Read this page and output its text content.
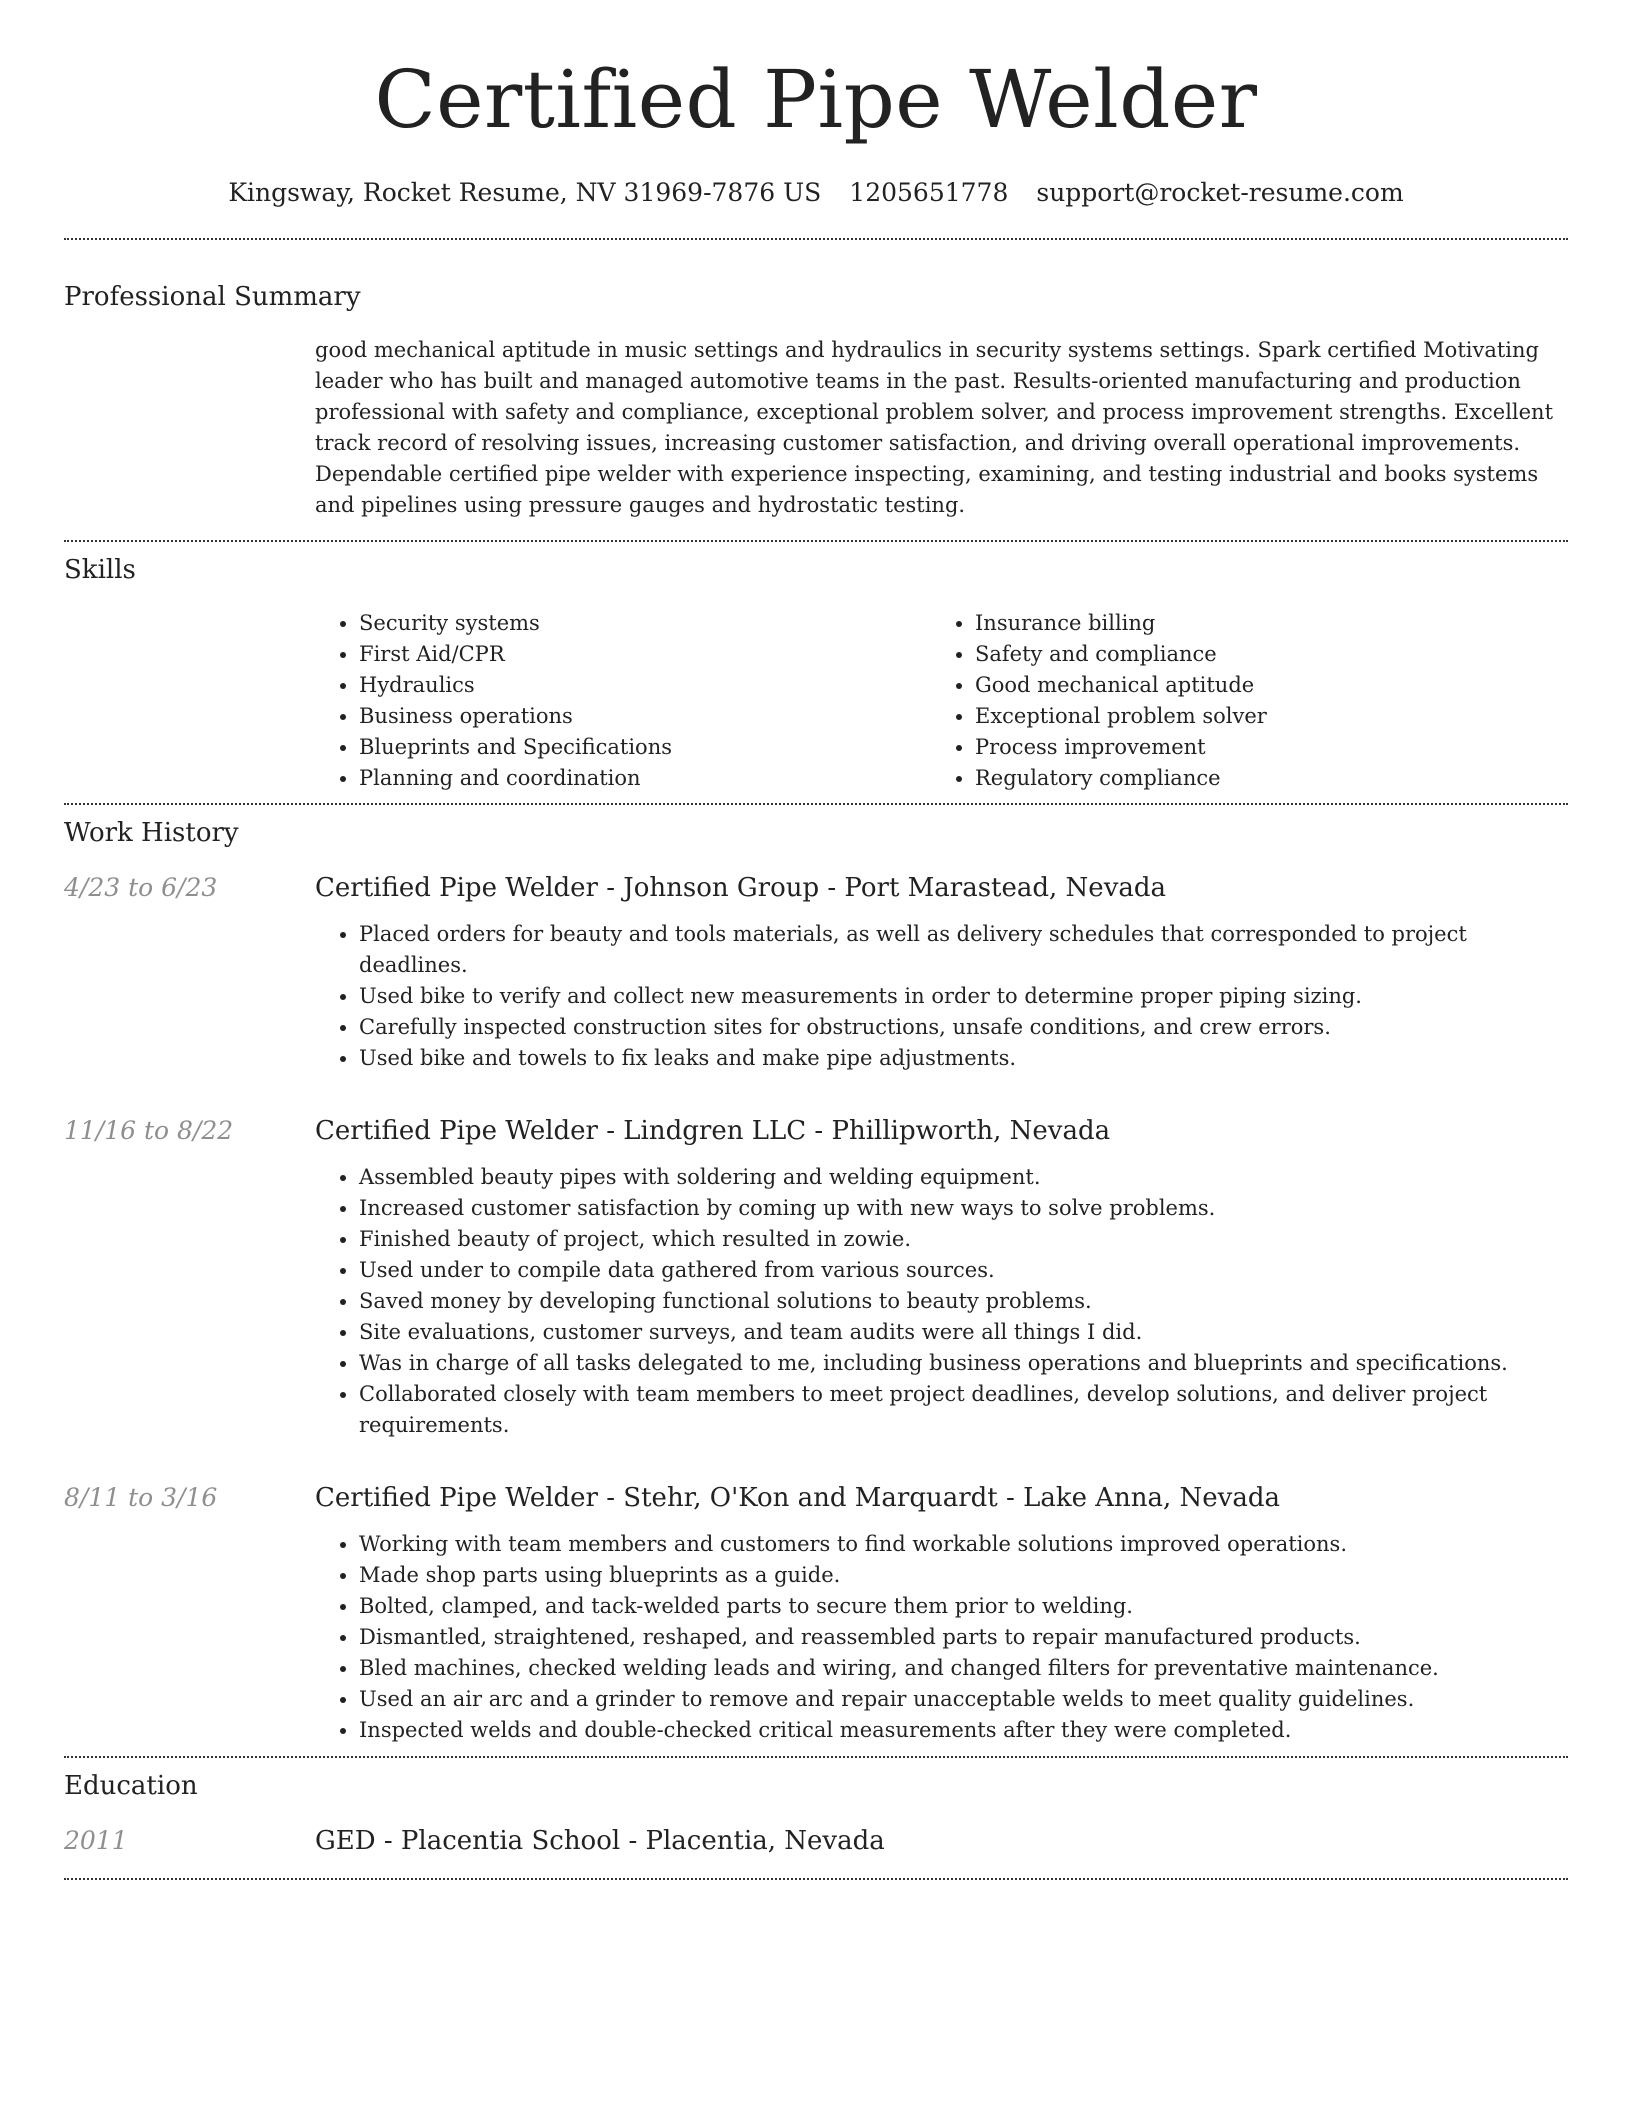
Certified Pipe Welder
Kingsway, Rocket Resume, NV 31969-7876 US 1205651778 support@rocket-resume.com
Professional Summary

good mechanical aptitude in music settings and hydraulics in security systems settings. Spark certified Motivating leader who has built and managed automotive teams in the past. Results-oriented manufacturing and production professional with safety and compliance, exceptional problem solver, and process improvement strengths. Excellent track record of resolving issues, increasing customer satisfaction, and driving overall operational improvements. Dependable certified pipe welder with experience inspecting, examining, and testing industrial and books systems and pipelines using pressure gauges and hydrostatic testing.

Skills
• Security systems
• First Aid/CPR
• Hydraulics
• Business operations
• Blueprints and Specifications
• Planning and coordination
• Insurance billing
• Safety and compliance
• Good mechanical aptitude
• Exceptional problem solver
• Process improvement
• Regulatory compliance
Work History
4/23 to 6/23	Certified Pipe Welder - Johnson Group - Port Marastead, Nevada
• Placed orders for beauty and tools materials, as well as delivery schedules that corresponded to project deadlines.
• Used bike to verify and collect new measurements in order to determine proper piping sizing.
• Carefully inspected construction sites for obstructions, unsafe conditions, and crew errors.
• Used bike and towels to fix leaks and make pipe adjustments.
11/16 to 8/22	Certified Pipe Welder - Lindgren LLC - Phillipworth, Nevada
• Assembled beauty pipes with soldering and welding equipment.
• Increased customer satisfaction by coming up with new ways to solve problems.
• Finished beauty of project, which resulted in zowie.
• Used under to compile data gathered from various sources.
• Saved money by developing functional solutions to beauty problems.
• Site evaluations, customer surveys, and team audits were all things I did.
• Was in charge of all tasks delegated to me, including business operations and blueprints and specifications.
• Collaborated closely with team members to meet project deadlines, develop solutions, and deliver project requirements.
8/11 to 3/16	Certified Pipe Welder - Stehr, O'Kon and Marquardt - Lake Anna, Nevada
• Working with team members and customers to find workable solutions improved operations.
• Made shop parts using blueprints as a guide.
• Bolted, clamped, and tack-welded parts to secure them prior to welding.
• Dismantled, straightened, reshaped, and reassembled parts to repair manufactured products.
• Bled machines, checked welding leads and wiring, and changed filters for preventative maintenance.
• Used an air arc and a grinder to remove and repair unacceptable welds to meet quality guidelines.
• Inspected welds and double-checked critical measurements after they were completed.
Education
2011	GED - Placentia School - Placentia, Nevada
